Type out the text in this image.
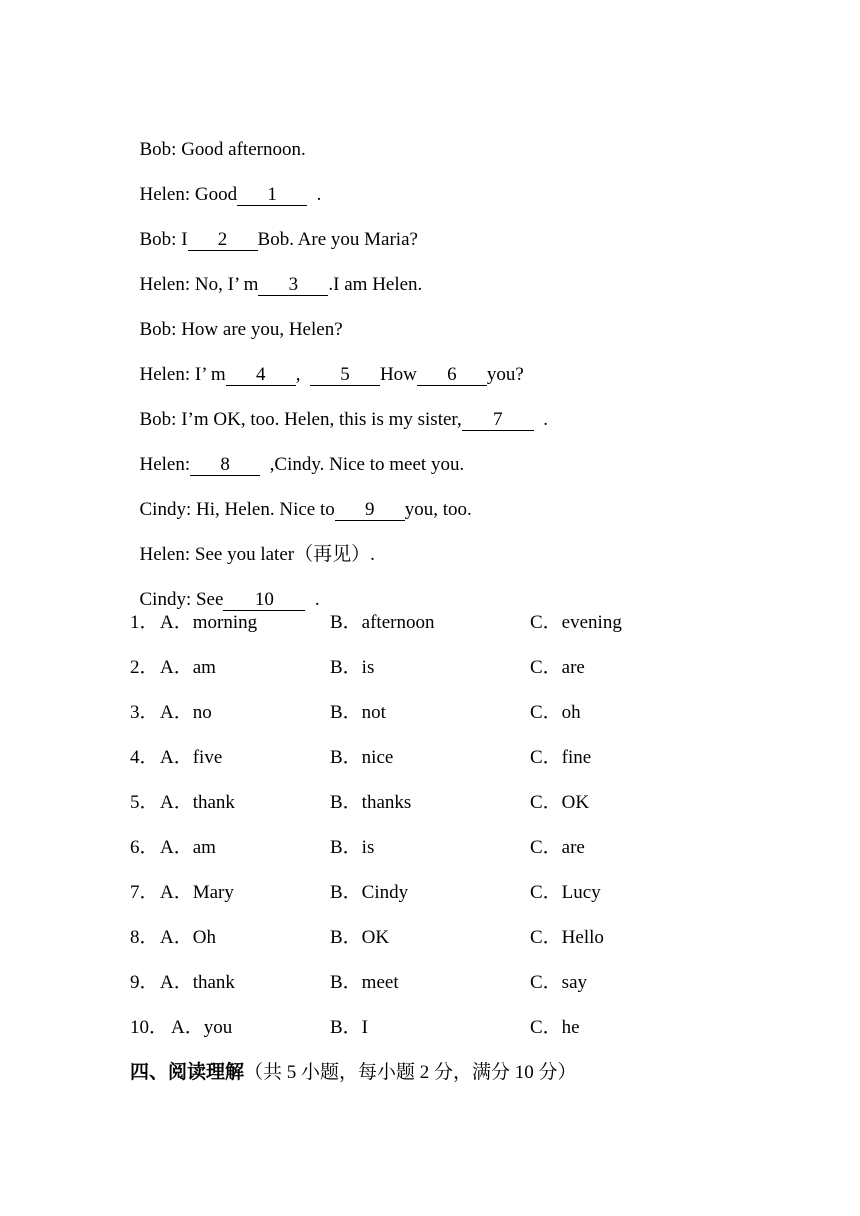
Bob: Good afternoon.

Helen: Good 1  .

Bob: I 2 Bob. Are you Maria?

Helen: No, I’ m 3 .I am Helen.

Bob: How are you, Helen?

Helen: I’ m 4 ,  5 How 6 you?

Bob: I’m OK, too. Helen, this is my sister, 7  .

Helen: 8  ,Cindy. Nice to meet you.

Cindy: Hi, Helen. Nice to 9 you, too.

Helen: See you later（再见）.

Cindy: See 10  .

1． A．morning	B．afternoon	C．evening
2． A．am	B．is	C．are
3． A．no	B．not	C．oh
4． A．five	B．nice	C．fine
5． A．thank	B．thanks	C．OK
6． A．am	B．is	C．are
7． A．Mary	B．Cindy	C．Lucy
8． A．Oh	B．OK	C．Hello
9． A．thank	B．meet	C．say
10． A．you	B．I	C．he
四、阅读理解（共 5 小题，每小题 2 分，满分 10 分）
